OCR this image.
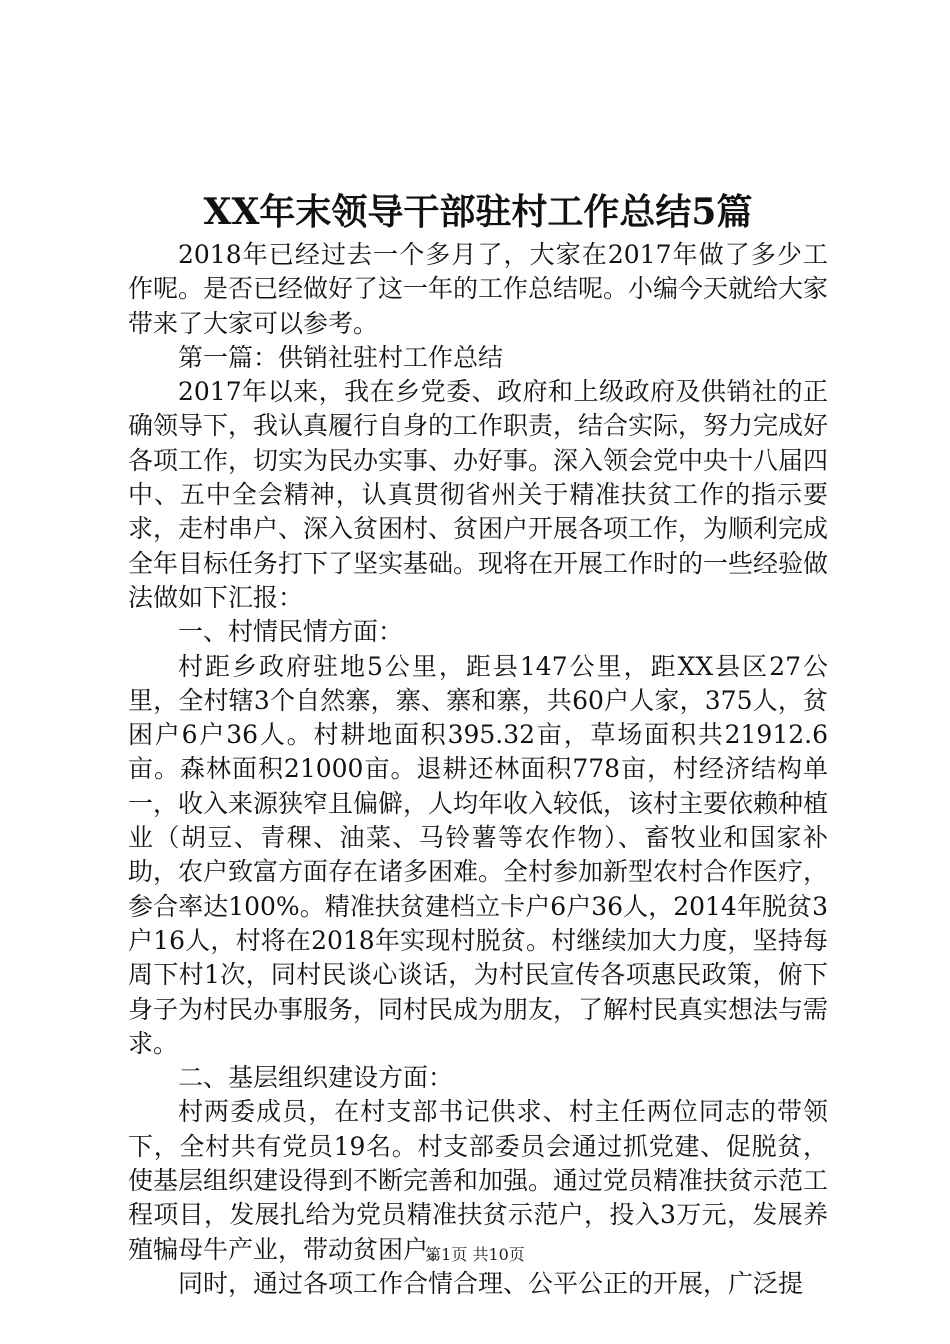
XX年末领导干部驻村工作总结5篇

2018年已经过去一个多月了，大家在2017年做了多少工作呢。是否已经做好了这一年的工作总结呢。小编今天就给大家带来了大家可以参考。

第一篇：供销社驻村工作总结

2017年以来，我在乡党委、政府和上级政府及供销社的正确领导下，我认真履行自身的工作职责，结合实际，努力完成好各项工作，切实为民办实事、办好事。深入领会党中央十八届四中、五中全会精神，认真贯彻省州关于精准扶贫工作的指示要求，走村串户、深入贫困村、贫困户开展各项工作，为顺利完成全年目标任务打下了坚实基础。现将在开展工作时的一些经验做法做如下汇报：

一、村情民情方面：

村距乡政府驻地5公里，距县147公里，距XX县区27公里，全村辖3个自然寨，寨、寨和寨，共60户人家，375人，贫困户6户36人。村耕地面积395.32亩，草场面积共21912.6亩。森林面积21000亩。退耕还林面积778亩，村经济结构单一，收入来源狭窄且偏僻，人均年收入较低，该村主要依赖种植业（胡豆、青稞、油菜、马铃薯等农作物）、畜牧业和国家补助，农户致富方面存在诸多困难。全村参加新型农村合作医疗，参合率达100%。精准扶贫建档立卡户6户36人，2014年脱贫3户16人，村将在2018年实现村脱贫。村继续加大力度，坚持每周下村1次，同村民谈心谈话，为村民宣传各项惠民政策，俯下身子为村民办事服务，同村民成为朋友，了解村民真实想法与需求。

二、基层组织建设方面：

村两委成员，在村支部书记供求、村主任两位同志的带领下，全村共有党员19名。村支部委员会通过抓党建、促脱贫，使基层组织建设得到不断完善和加强。通过党员精准扶贫示范工程项目，发展扎给为党员精准扶贫示范户，投入3万元，发展养殖犏母牛产业，带动贫困户。

同时，通过各项工作合情合理、公平公正的开展，广泛提

第1页 共10页
